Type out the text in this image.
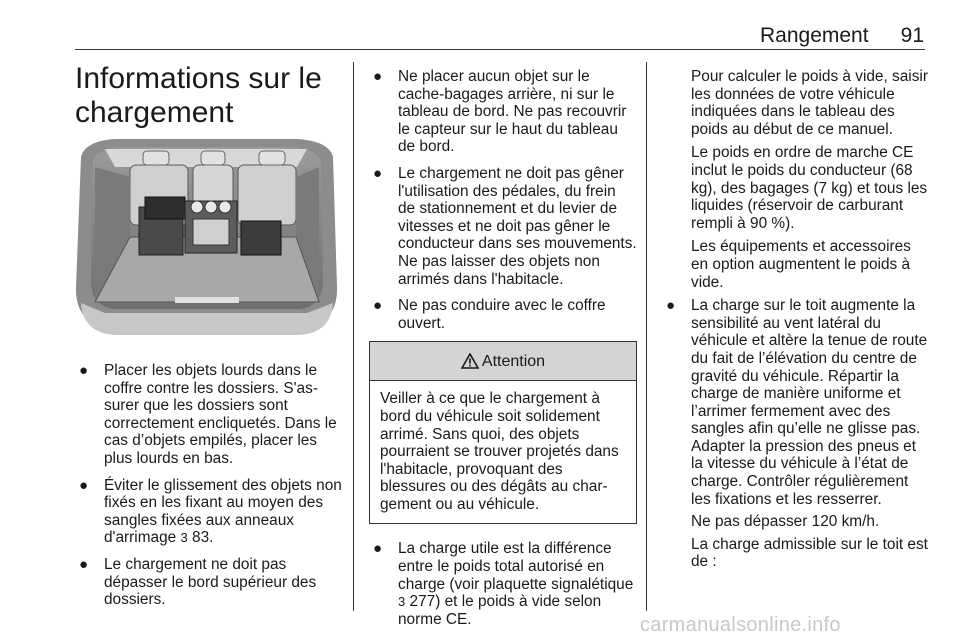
Rangement	91
Informations sur le chargement
● Placer les objets lourds dans le coffre contre les dossiers. S'assurer que les dossiers sont correctement encliquetés. Dans le cas d’objets empilés, placer les plus lourds en bas.
● Éviter le glissement des objets non fixés en les fixant au moyen des sangles fixées aux anneaux d'arrimage 3 83.
● Le chargement ne doit pas dépasser le bord supérieur des dossiers.
● Ne placer aucun objet sur le cache-bagages arrière, ni sur le tableau de bord. Ne pas recouvrir le capteur sur le haut du tableau de bord.
● Le chargement ne doit pas gêner l'utilisation des pédales, du frein de stationnement et du levier de vitesses et ne doit pas gêner le conducteur dans ses mouvements. Ne pas laisser des objets non arrimés dans l'habitacle.
● Ne pas conduire avec le coffre ouvert.
Attention
Veiller à ce que le chargement à bord du véhicule soit solidement arrimé. Sans quoi, des objets pourraient se trouver projetés dans l'habitacle, provoquant des blessures ou des dégâts au chargement ou au véhicule.
● La charge utile est la différence entre le poids total autorisé en charge (voir plaquette signalétique 3 277) et le poids à vide selon norme CE.

Pour calculer le poids à vide, saisir les données de votre véhicule indiquées dans le tableau des poids au début de ce manuel.

Le poids en ordre de marche CE inclut le poids du conducteur (68 kg), des bagages (7 kg) et tous les liquides (réservoir de carburant rempli à 90 %).

Les équipements et accessoires en option augmentent le poids à vide.

● La charge sur le toit augmente la sensibilité au vent latéral du véhicule et altère la tenue de route du fait de l’élévation du centre de gravité du véhicule. Répartir la charge de manière uniforme et l’arrimer fermement avec des sangles afin qu’elle ne glisse pas. Adapter la pression des pneus et la vitesse du véhicule à l’état de charge. Contrôler régulièrement les fixations et les resserrer.

Ne pas dépasser 120 km/h.

La charge admissible sur le toit est de :

carmanualsonline.info
